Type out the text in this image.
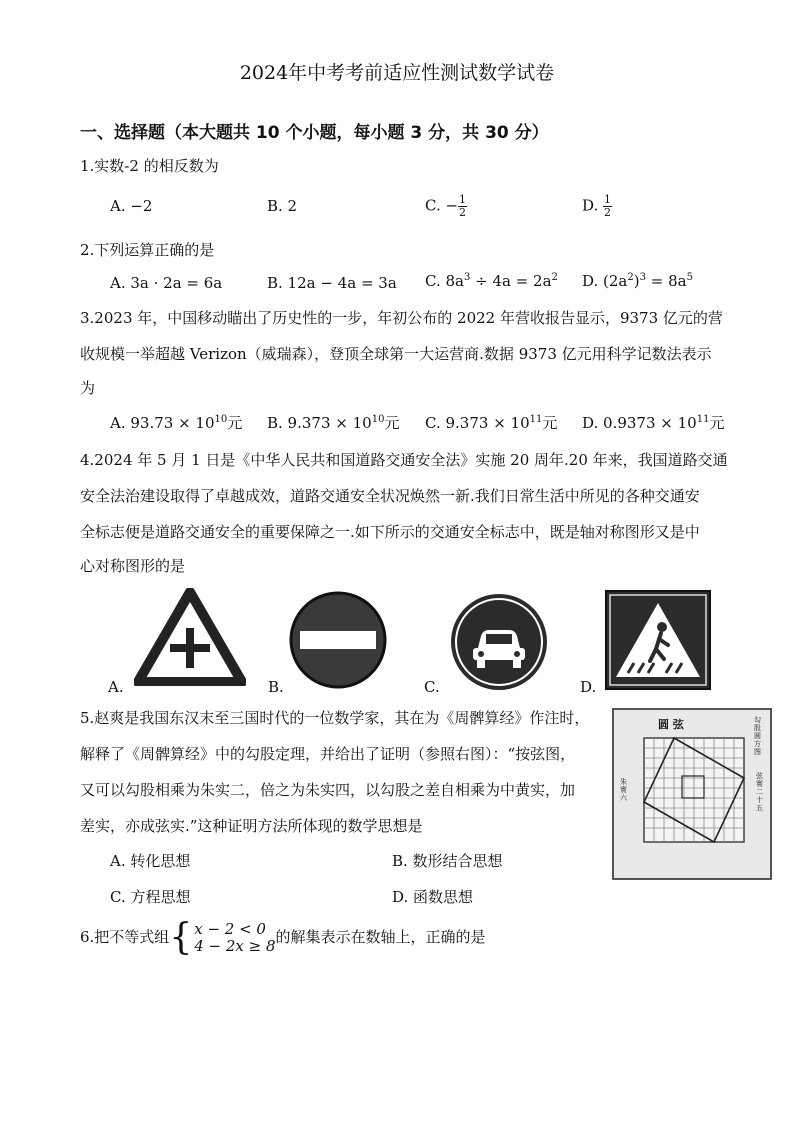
2024年中考考前适应性测试数学试卷
一、选择题（本大题共 10 个小题，每小题 3 分，共 30 分）
1.实数-2 的相反数为
A. −2	B. 2	C. − $\frac{1}{2}$	D. $\frac{1}{2}$
2.下列运算正确的是
A. 3a · 2a = 6a	B. 12a − 4a = 3a C. $8a^3 \div 4a = 2a^2$ D. $(2a^2)^3 = 8a^5$
3.2023 年，中国移动瞄出了历史性的一步，年初公布的 2022 年营收报告显示，9373 亿元的营
收规模一举超越 Verizon（威瑞森），登顶全球第一大运营商.数据 9373 亿元用科学记数法表示
为
A. $93.73 \times 10^{10}$元 B. $9.373 \times 10^{10}$元 C. $9.373 \times 10^{11}$元 D. $0.9373 \times 10^{11}$元
4.2024 年 5 月 1 日是《中华人民共和国道路交通安全法》实施 20 周年.20 年来，我国道路交通
安全法治建设取得了卓越成效，道路交通安全状况焕然一新.我们日常生活中所见的各种交通安
全标志便是道路交通安全的重要保障之一.如下所示的交通安全标志中，既是轴对称图形又是中
心对称图形的是
A.	B.	C.	D.
5.赵爽是我国东汉末至三国时代的一位数学家，其在为《周髀算经》作注时，
解释了《周髀算经》中的勾股定理，并给出了证明（参照右图）：“按弦图，
又可以勾股相乘为朱实二，倍之为朱实四，以勾股之差自相乘为中黄实，加
差实，亦成弦实.”这种证明方法所体现的数学思想是
A. 转化思想	B. 数形结合思想
C. 方程思想	D. 函数思想
圆 弦	勾股圆方图
朱實六
弦實二十五
6.把不等式组 { x − 2 < 0
4 − 2x ≥ 8 的解集表示在数轴上，正确的是
